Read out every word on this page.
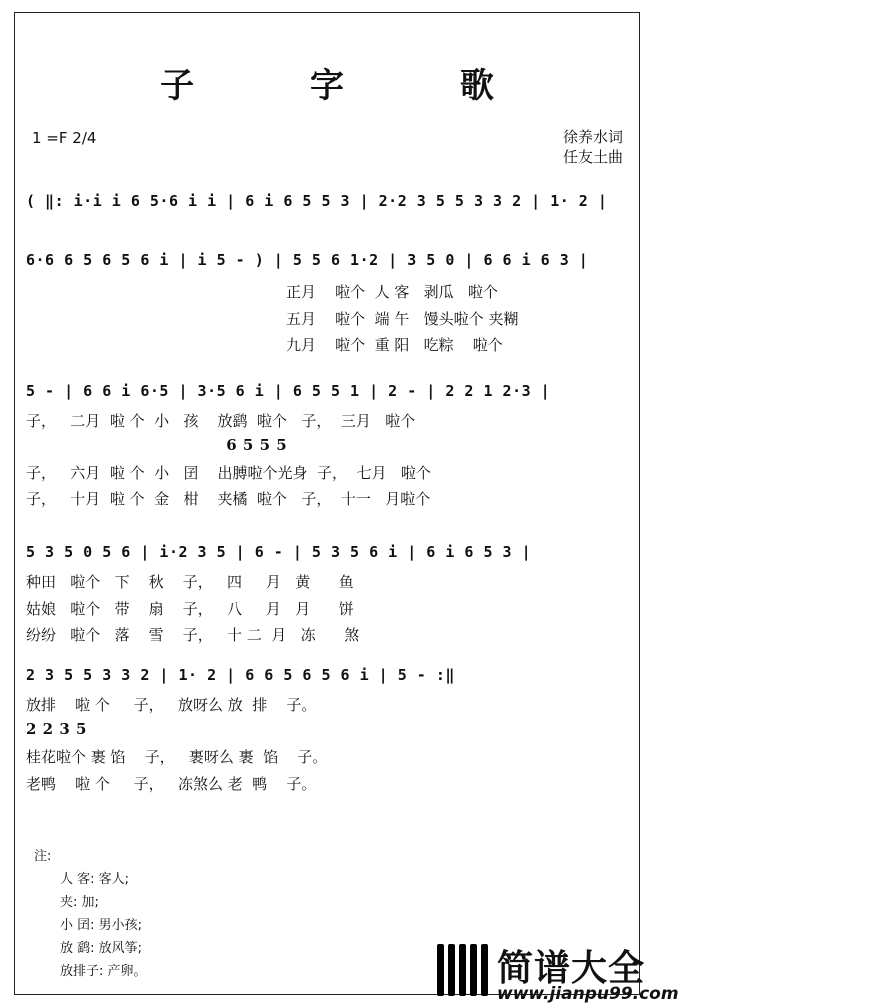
子 字 歌
1 =F 2/4	徐养水词
任友土曲
( ‖: i·i i 6 5·6 i i | 6 i 6 5 5 3 | 2·2 3 5 5 3 3 2 | 1· 2 |
6·6 6 5 6 5 6 i | i 5 - ) | 5 5 6 1·2 | 3 5 0 | 6 6 i 6 3 |
正月    啦个  人 客   剥瓜   啦个
五月    啦个  端 午   馒头啦个 夹糊
九月    啦个  重 阳   吃粽    啦个
5 - | 6 6 i 6·5 | 3·5 6 i | 6 5 5 1 | 2 - | 2 2 1 2·3 |
子，   二月  啦 个  小   孩    放鹞  啦个   子，  三月   啦个
6 5 5 5
子，   六月  啦 个  小   囝    出膊啦个光身  子，  七月   啦个
子，   十月  啦 个  金   柑    夹橘  啦个   子，  十一   月啦个
5 3 5 0 5 6 | i·2 3 5 | 6 - | 5 3 5 6 i | 6 i 6 5 3 |
种田   啦个   下    秋    子，   四     月   黄      鱼
姑娘   啦个   带    扇    子，   八     月   月      饼
纷纷   啦个   落    雪    子，   十 二  月   冻      煞
2 3 5 5 3 3 2 | 1· 2 | 6 6 5 6 5 6 i | 5 - :‖
放排    啦 个     子，   放呀么 放  排    子。
2 2 3 5
桂花啦个 裹 馅    子，   裹呀么 裹  馅    子。
老鸭    啦 个     子，   冻煞么 老  鸭    子。
注:
人 客: 客人;
夹: 加;
小 囝: 男小孩;
放 鹞: 放风筝;
放排子: 产卵。	简谱大全
www.jianpu99.com
